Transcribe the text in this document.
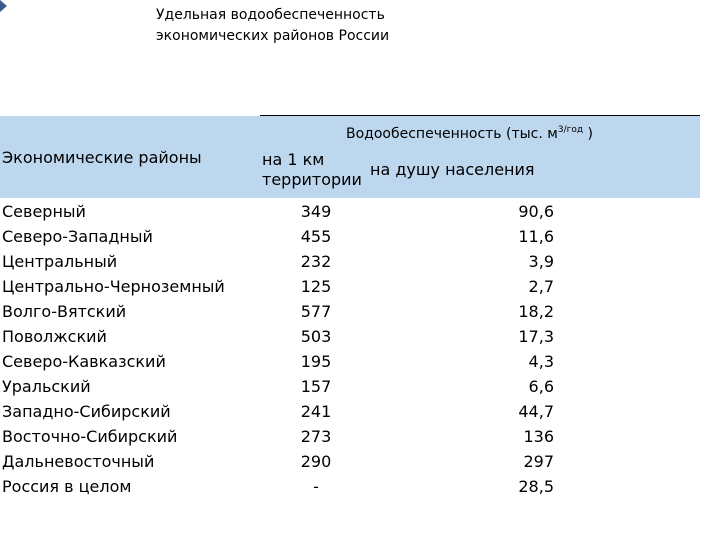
Удельная водообеспеченность
экономических районов России
Водообеспеченность (тыс. $м^{3/год}$ )
Экономические районы	на 1 км
территории
на душу населения
Северный	349	90,6
Северо-Западный	455	11,6
Центральный	232	3,9
Центрально-Черноземный	125	2,7
Волго-Вятский	577	18,2
Поволжский	503	17,3
Северо-Кавказский	195	4,3
Уральский	157	6,6
Западно-Сибирский	241	44,7
Восточно-Сибирский	273	136
Дальневосточный	290	297
Россия в целом	-	28,5
